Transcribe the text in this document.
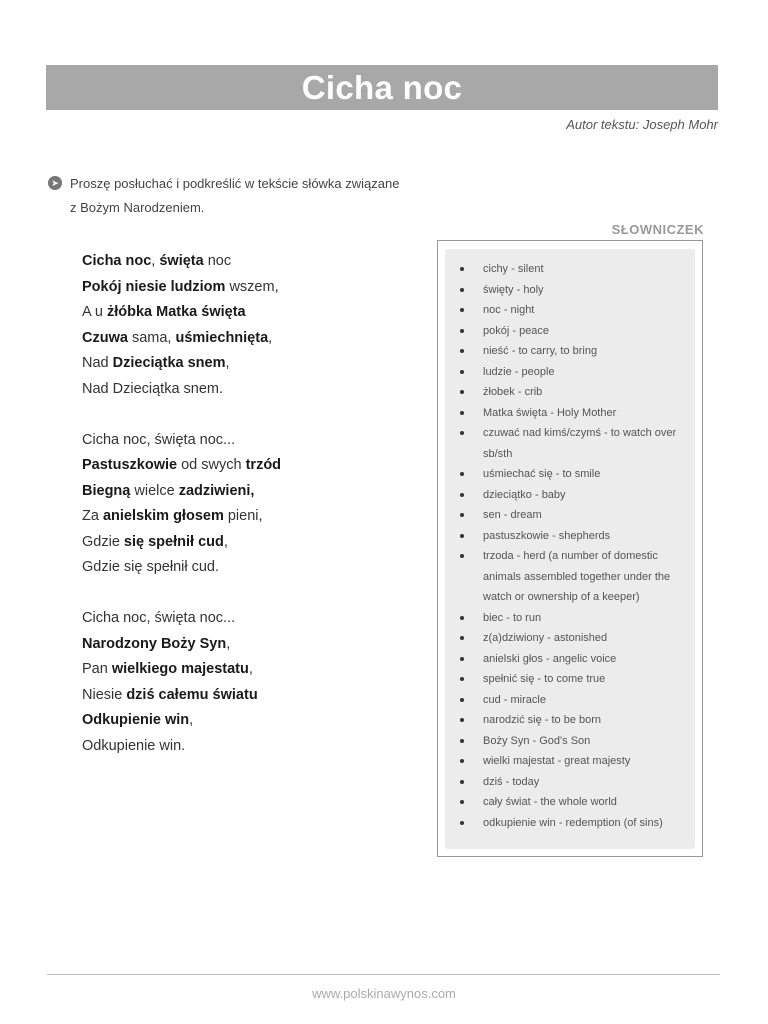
Cicha noc
Autor tekstu: Joseph Mohr
➤ Proszę posłuchać i podkreślić w tekście słówka związane z Bożym Narodzeniem.
Cicha noc, święta noc
Pokój niesie ludziom wszem,
A u żłóbka Matka święta
Czuwa sama, uśmiechnięta,
Nad Dzieciątka snem,
Nad Dzieciątka snem.
Cicha noc, święta noc...
Pastuszkowie od swych trzód
Biegną wielce zadziwieni,
Za anielskim głosem pieni,
Gdzie się spełnił cud,
Gdzie się spełnił cud.
Cicha noc, święta noc...
Narodzony Boży Syn,
Pan wielkiego majestatu,
Niesie dziś całemu światu
Odkupienie win,
Odkupienie win.
SŁOWNICZEK
cichy - silent
święty - holy
noc - night
pokój - peace
nieść - to carry, to bring
ludzie - people
żłobek - crib
Matka święta - Holy Mother
czuwać nad kimś/czymś - to watch over sb/sth
uśmiechać się - to smile
dzieciątko - baby
sen - dream
pastuszkowie - shepherds
trzoda - herd (a number of domestic animals assembled together under the watch or ownership of a keeper)
biec - to run
z(a)dziwiony - astonished
anielski głos - angelic voice
spełnić się - to come true
cud - miracle
narodzić się - to be born
Boży Syn - God's Son
wielki majestat - great majesty
dziś - today
cały świat - the whole world
odkupienie win - redemption (of sins)
www.polskinawynos.com
